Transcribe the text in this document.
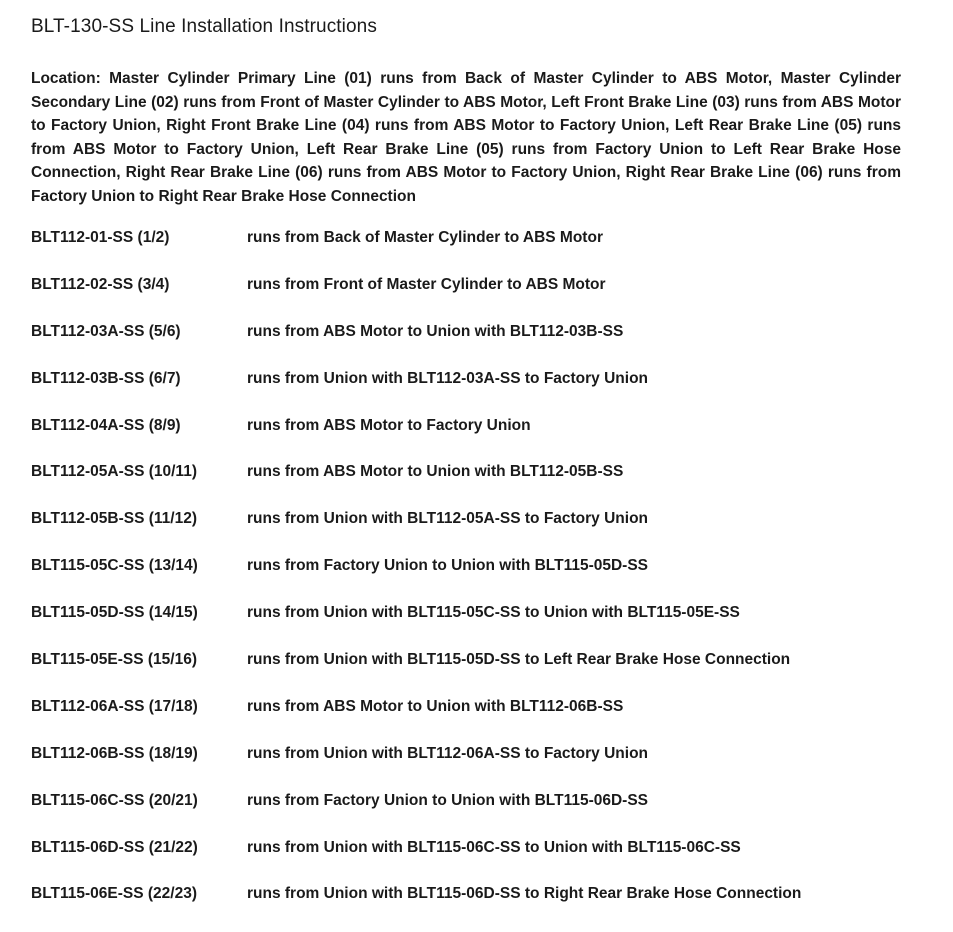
BLT-130-SS Line Installation Instructions

Location: Master Cylinder Primary Line (01) runs from Back of Master Cylinder to ABS Motor, Master Cylinder Secondary Line (02) runs from Front of Master Cylinder to ABS Motor, Left Front Brake Line (03) runs from ABS Motor to Factory Union, Right Front Brake Line (04) runs from ABS Motor to Factory Union, Left Rear Brake Line (05) runs from ABS Motor to Factory Union, Left Rear Brake Line (05) runs from Factory Union to Left Rear Brake Hose Connection, Right Rear Brake Line (06) runs from ABS Motor to Factory Union, Right Rear Brake Line (06) runs from Factory Union to Right Rear Brake Hose Connection

BLT112-01-SS (1/2)	runs from Back of Master Cylinder to ABS Motor
BLT112-02-SS (3/4)	runs from Front of Master Cylinder to ABS Motor
BLT112-03A-SS (5/6)	runs from ABS Motor to Union with BLT112-03B-SS
BLT112-03B-SS (6/7)	runs from Union with BLT112-03A-SS to Factory Union
BLT112-04A-SS (8/9)	runs from ABS Motor to Factory Union
BLT112-05A-SS (10/11)	runs from ABS Motor to Union with BLT112-05B-SS
BLT112-05B-SS (11/12)	runs from Union with BLT112-05A-SS to Factory Union
BLT115-05C-SS (13/14)	runs from Factory Union to Union with BLT115-05D-SS
BLT115-05D-SS (14/15)	runs from Union with BLT115-05C-SS to Union with BLT115-05E-SS
BLT115-05E-SS (15/16)	runs from Union with BLT115-05D-SS to Left Rear Brake Hose Connection
BLT112-06A-SS (17/18)	runs from ABS Motor to Union with BLT112-06B-SS
BLT112-06B-SS (18/19)	runs from Union with BLT112-06A-SS to Factory Union
BLT115-06C-SS (20/21)	runs from Factory Union to Union with BLT115-06D-SS
BLT115-06D-SS (21/22)	runs from Union with BLT115-06C-SS to Union with BLT115-06C-SS
BLT115-06E-SS (22/23)	runs from Union with BLT115-06D-SS to Right Rear Brake Hose Connection
